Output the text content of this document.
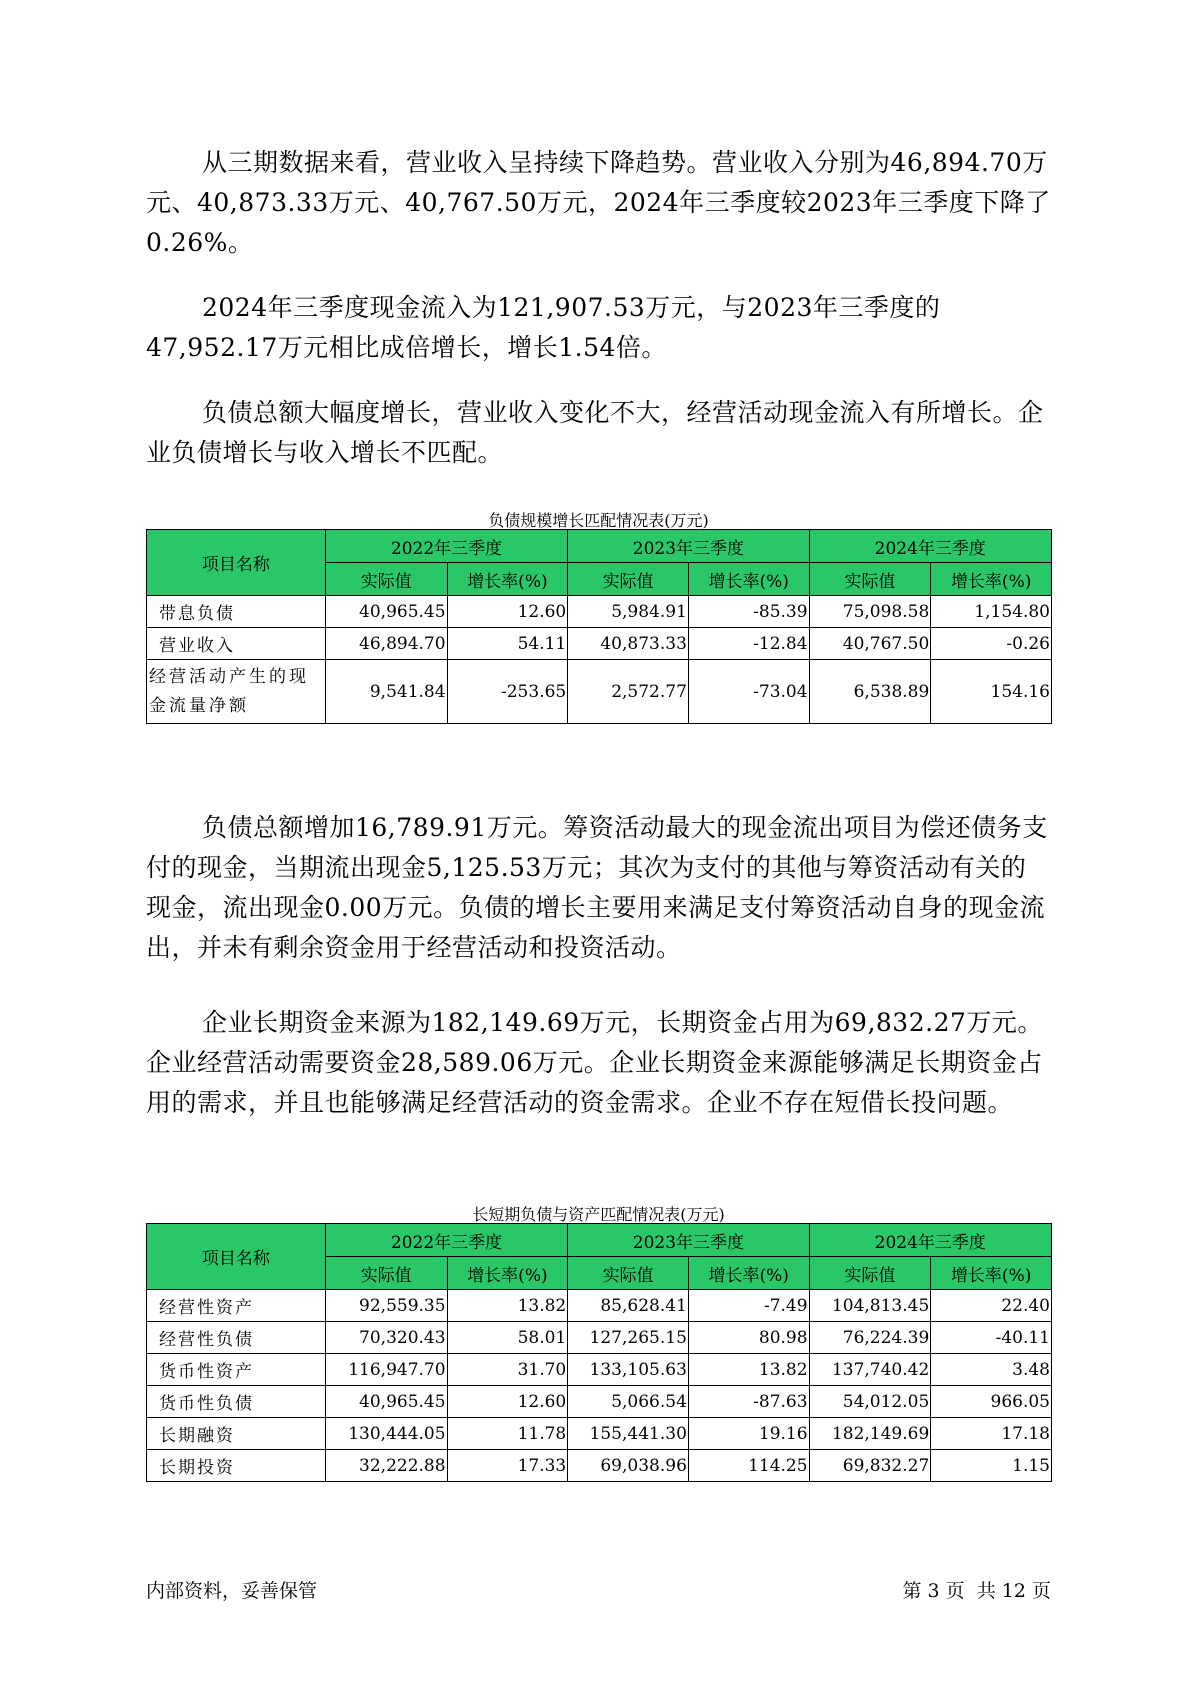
从三期数据来看，营业收入呈持续下降趋势。营业收入分别为46,894.70万元、40,873.33万元、40,767.50万元，2024年三季度较2023年三季度下降了0.26%。

2024年三季度现金流入为121,907.53万元，与2023年三季度的47,952.17万元相比成倍增长，增长1.54倍。

负债总额大幅度增长，营业收入变化不大，经营活动现金流入有所增长。企业负债增长与收入增长不匹配。

负债规模增长匹配情况表(万元)

项目名称	2022年三季度		2023年三季度		2024年三季度	
	实际值	增长率(%)	实际值	增长率(%)	实际值	增长率(%)
带息负债	40,965.45	12.60	5,984.91	-85.39	75,098.58	1,154.80
营业收入	46,894.70	54.11	40,873.33	-12.84	40,767.50	-0.26
经营活动产生的现金流量净额	9,541.84	-253.65	2,572.77	-73.04	6,538.89	154.16

负债总额增加16,789.91万元。筹资活动最大的现金流出项目为偿还债务支付的现金，当期流出现金5,125.53万元；其次为支付的其他与筹资活动有关的现金，流出现金0.00万元。负债的增长主要用来满足支付筹资活动自身的现金流出，并未有剩余资金用于经营活动和投资活动。

企业长期资金来源为182,149.69万元，长期资金占用为69,832.27万元。企业经营活动需要资金28,589.06万元。企业长期资金来源能够满足长期资金占用的需求，并且也能够满足经营活动的资金需求。企业不存在短借长投问题。

长短期负债与资产匹配情况表(万元)

项目名称	2022年三季度		2023年三季度		2024年三季度	
	实际值	增长率(%)	实际值	增长率(%)	实际值	增长率(%)
经营性资产	92,559.35	13.82	85,628.41	-7.49	104,813.45	22.40
经营性负债	70,320.43	58.01	127,265.15	80.98	76,224.39	-40.11
货币性资产	116,947.70	31.70	133,105.63	13.82	137,740.42	3.48
货币性负债	40,965.45	12.60	5,066.54	-87.63	54,012.05	966.05
长期融资	130,444.05	11.78	155,441.30	19.16	182,149.69	17.18
长期投资	32,222.88	17.33	69,038.96	114.25	69,832.27	1.15

内部资料，妥善保管	第 3 页  共 12 页
